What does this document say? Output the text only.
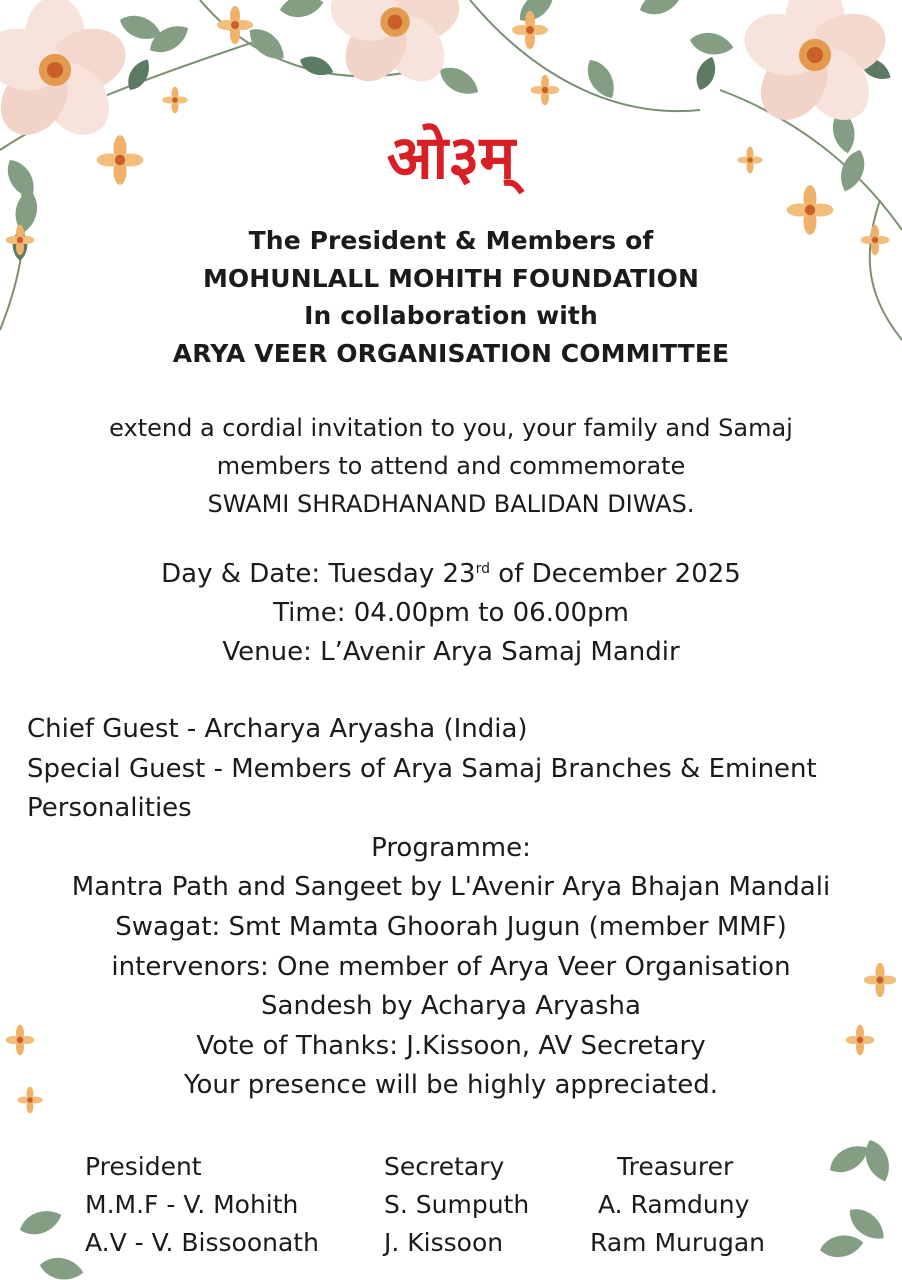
ओ३म्
The President & Members of
MOHUNLALL MOHITH FOUNDATION
In collaboration with
ARYA VEER ORGANISATION COMMITTEE
extend a cordial invitation to you, your family and Samaj
members to attend and commemorate
SWAMI SHRADHANAND BALIDAN DIWAS.
Day & Date: Tuesday 23rd of December 2025
Time: 04.00pm to 06.00pm
Venue: L’Avenir Arya Samaj Mandir
Chief Guest - Archarya Aryasha (India)
Special Guest - Members of Arya Samaj Branches & Eminent
Personalities
Programme:
Mantra Path and Sangeet by L'Avenir Arya Bhajan Mandali
Swagat: Smt Mamta Ghoorah Jugun (member MMF)
intervenors: One member of Arya Veer Organisation
Sandesh by Acharya Aryasha
Vote of Thanks: J.Kissoon, AV Secretary
Your presence will be highly appreciated.
President
M.M.F - V. Mohith
A.V - V. Bissoonath
Secretary
S. Sumputh
J. Kissoon
Treasurer
A. Ramduny
Ram Murugan
